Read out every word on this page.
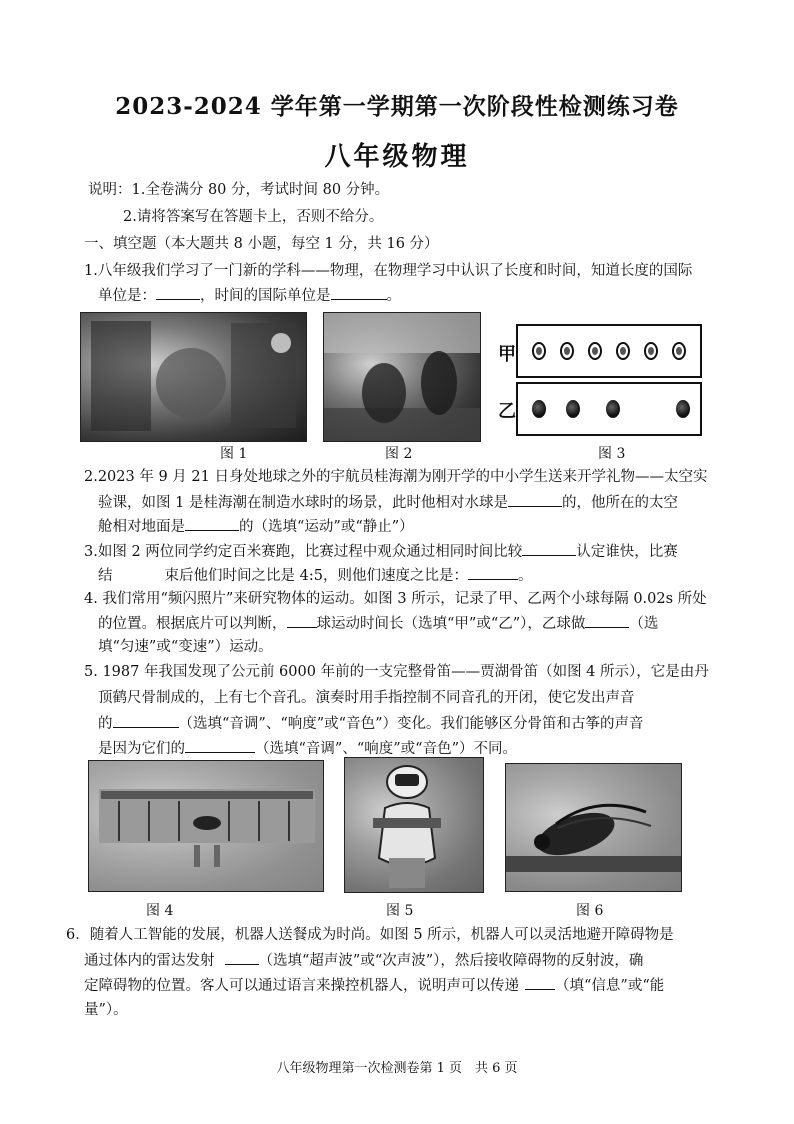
2023-2024 学年第一学期第一次阶段性检测练习卷
八年级物理
说明：1.全卷满分 80 分，考试时间 80 分钟。
2.请将答案写在答题卡上，否则不给分。
一、填空题（本大题共 8 小题，每空 1 分，共 16 分）
1.八年级我们学习了一门新的学科——物理，在物理学习中认识了长度和时间，知道长度的国际
单位是：	，时间的国际单位是	。
甲
乙
图 1	图 2	图 3
2.2023 年 9 月 21 日身处地球之外的宇航员桂海潮为刚开学的中小学生送来开学礼物——太空实
验课，如图 1 是桂海潮在制造水球时的场景，此时他相对水球是	的，他所在的太空
舱相对地面是	的（选填“运动”或“静止”）
3.如图 2 两位同学约定百米赛跑，比赛过程中观众通过相同时间比较	认定谁快，比赛
结	束后他们时间之比是 4:5，则他们速度之比是：	。
4. 我们常用“频闪照片”来研究物体的运动。如图 3 所示，记录了甲、乙两个小球每隔 0.02s 所处
的位置。根据底片可以判断， 球运动时间长（选填“甲”或“乙”），乙球做	（选
填“匀速”或“变速”）运动。
5. 1987 年我国发现了公元前 6000 年前的一支完整骨笛——贾湖骨笛（如图 4 所示），它是由丹
顶鹤尺骨制成的，上有七个音孔。演奏时用手指控制不同音孔的开闭，使它发出声音
的	（选填“音调”、“响度”或“音色”）变化。我们能够区分骨笛和古筝的声音
是因为它们的	（选填“音调”、“响度”或“音色”）不同。
图 4	图 5	图 6
6．随着人工智能的发展，机器人送餐成为时尚。如图 5 所示，机器人可以灵活地避开障碍物是
通过体内的雷达发射	（选填“超声波”或“次声波”），然后接收障碍物的反射波，确
定障碍物的位置。客人可以通过语言来操控机器人，说明声可以传递 （填“信息”或“能
量”）。
八年级物理第一次检测卷第 1 页　共 6 页
